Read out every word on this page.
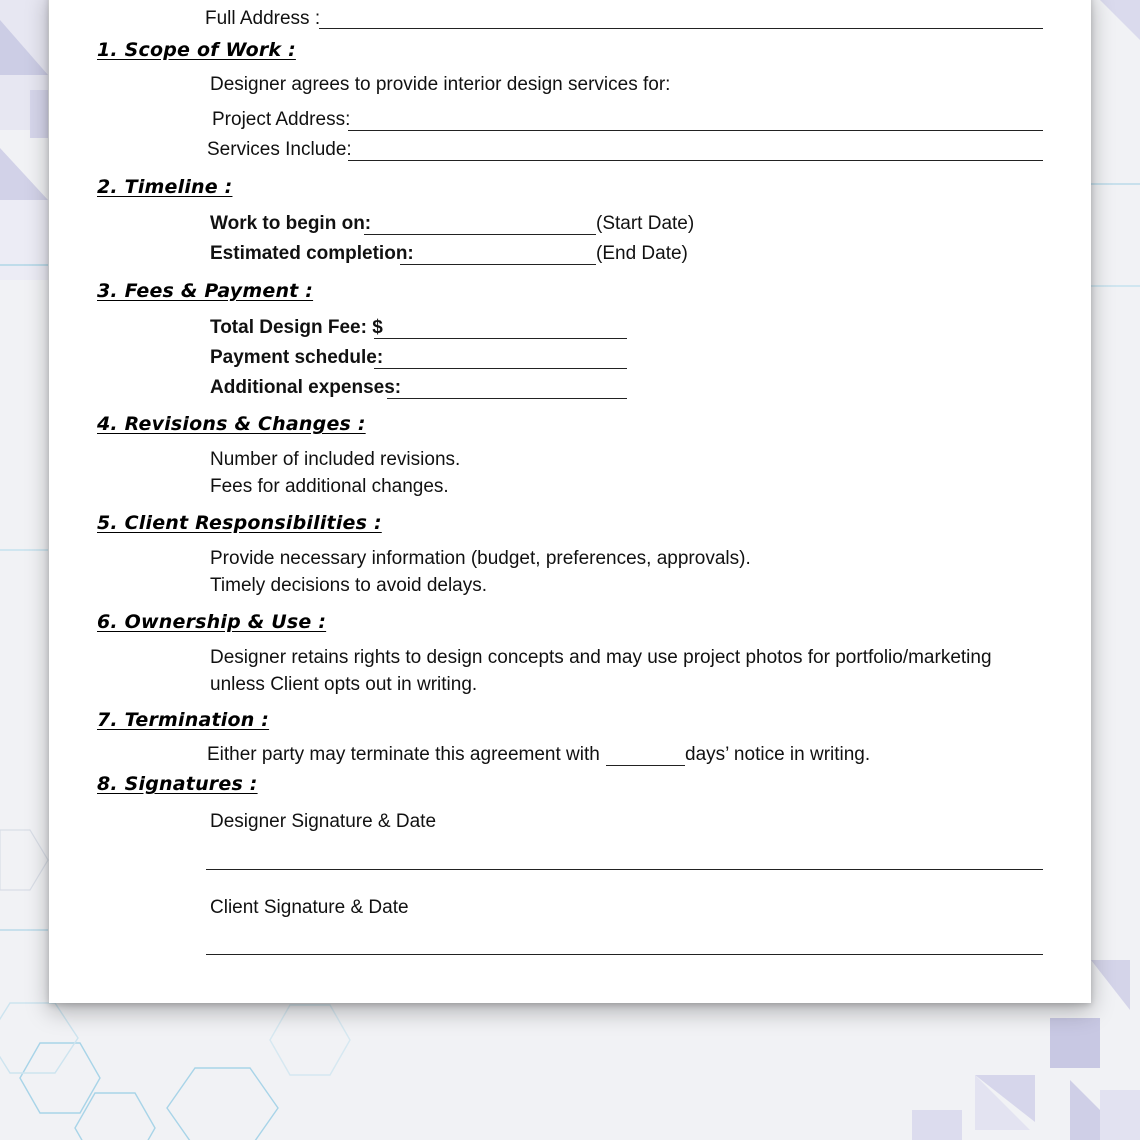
Full Address :
1. Scope of Work :
Designer agrees to provide interior design services for:
Project Address:
Services Include:
2. Timeline :
Work to begin on:	(Start Date)
Estimated completion:	(End Date)
3. Fees & Payment :
Total Design Fee: $
Payment schedule:
Additional expenses:
4. Revisions & Changes :
Number of included revisions.
Fees for additional changes.
5. Client Responsibilities :
Provide necessary information (budget, preferences, approvals).
Timely decisions to avoid delays.
6. Ownership & Use :
Designer retains rights to design concepts and may use project photos for portfolio/marketing
unless Client opts out in writing.
7. Termination :
Either party may terminate this agreement with	days’ notice in writing.
8. Signatures :
Designer Signature & Date
Client Signature & Date
